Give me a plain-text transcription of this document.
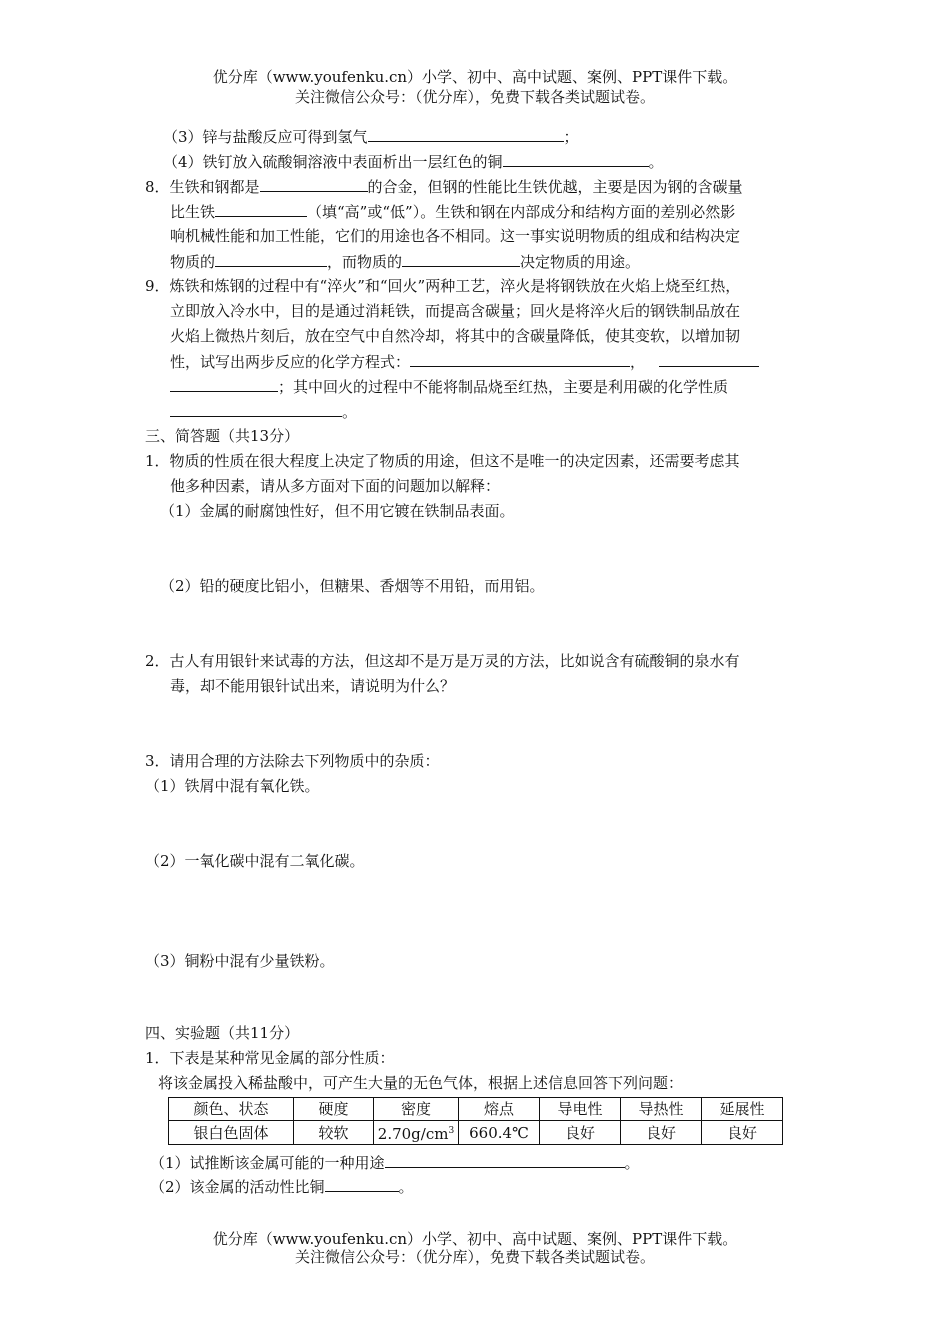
优分库（www.youfenku.cn）小学、初中、高中试题、案例、PPT课件下载。
关注微信公众号：（优分库），免费下载各类试题试卷。
（3）锌与盐酸反应可得到氢气	；
（4）铁钉放入硫酸铜溶液中表面析出一层红色的铜	。
8．生铁和钢都是	的合金，但钢的性能比生铁优越，主要是因为钢的含碳量
比生铁	（填“高”或“低”）。生铁和钢在内部成分和结构方面的差别必然影
响机械性能和加工性能，它们的用途也各不相同。这一事实说明物质的组成和结构决定
物质的	，而物质的	决定物质的用途。
9．炼铁和炼钢的过程中有“淬火”和“回火”两种工艺，淬火是将钢铁放在火焰上烧至红热，
立即放入冷水中，目的是通过消耗铁，而提高含碳量；回火是将淬火后的钢铁制品放在
火焰上微热片刻后，放在空气中自然冷却，将其中的含碳量降低，使其变软，以增加韧
性，试写出两步反应的化学方程式：	，
；其中回火的过程中不能将制品烧至红热，主要是利用碳的化学性质
。
三、简答题（共13分）
1．物质的性质在很大程度上决定了物质的用途，但这不是唯一的决定因素，还需要考虑其
他多种因素，请从多方面对下面的问题加以解释：
（1）金属的耐腐蚀性好，但不用它镀在铁制品表面。
（2）铅的硬度比铝小，但糖果、香烟等不用铅，而用铝。
2．古人有用银针来试毒的方法，但这却不是万是万灵的方法，比如说含有硫酸铜的泉水有
毒，却不能用银针试出来，请说明为什么？
3．请用合理的方法除去下列物质中的杂质：
（1）铁屑中混有氧化铁。
（2）一氧化碳中混有二氧化碳。
（3）铜粉中混有少量铁粉。
四、实验题（共11分）
1．下表是某种常见金属的部分性质：
将该金属投入稀盐酸中，可产生大量的无色气体，根据上述信息回答下列问题：
颜色、状态	硬度	密度	熔点	导电性	导热性	延展性
银白色固体	较软	$2.70g/cm^3$	660.4℃	良好	良好	良好
（1）试推断该金属可能的一种用途	。
（2）该金属的活动性比铜	。
优分库（www.youfenku.cn）小学、初中、高中试题、案例、PPT课件下载。
关注微信公众号：（优分库），免费下载各类试题试卷。
